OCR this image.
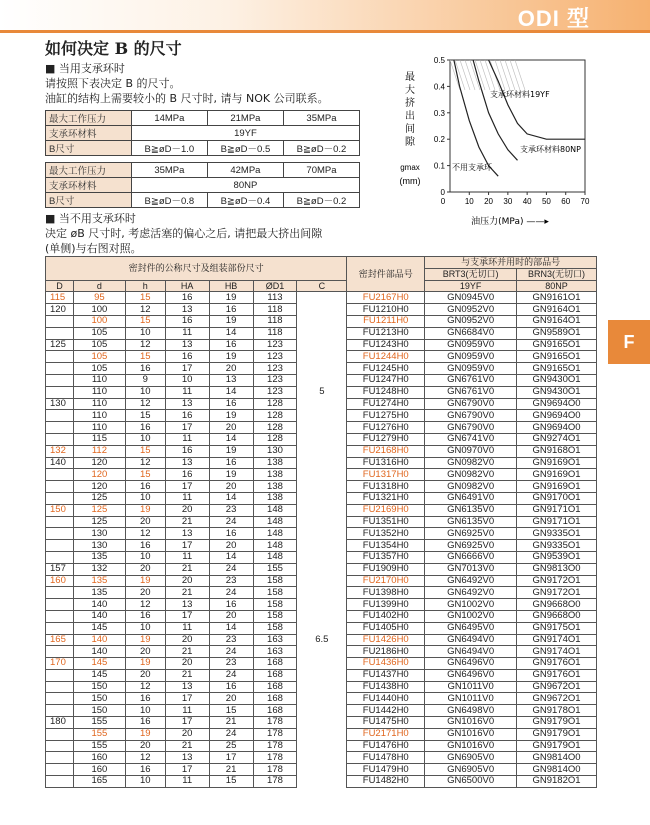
ODI 型
F
如何决定 B 的尺寸
■ 当用支承环时
请按照下表决定 B 的尺寸。
油缸的结构上需要较小的 B 尺寸时, 请与 NOK 公司联系。
最大工作压力	14MPa	21MPa	35MPa
支承环材料	19YF		
B尺寸	B≧øD－1.0	B≧øD－0.5	B≧øD－0.2
最大工作压力	35MPa	42MPa	70MPa
支承环材料	80NP		
B尺寸	B≧øD－0.8	B≧øD－0.4	B≧øD－0.2
■ 当不用支承环时
决定 øB 尺寸时, 考虑活塞的偏心之后, 请把最大挤出间隙
(单侧)与右图对照。
0.5
0.4
0.3
0.2
0.1
0
10 20 30 40 50 60 70
0
最
大
挤
出
间
隙
gmax
(mm)
油压力(MPa) ——▸
支承环材料19YF
支承环材料80NP
不用支承环
密封件的公称尺寸及组装部份尺寸							密封件部品号	与支承环并用时的部品号	
								BRT3(无切口)	BRN3(无切口)
D	d	h	HA	HB	ØD1	C		19YF	80NP
115	95	15	16	19	113		FU2167H0	GN0945V0	GN9161O1
120	100	12	13	16	118		FU1210H0	GN0952V0	GN9164O1
	100	15	16	19	118		FU1211H0	GN0952V0	GN9164O1
	105	10	11	14	118		FU1213H0	GN6684V0	GN9589O1
125	105	12	13	16	123		FU1243H0	GN0959V0	GN9165O1
	105	15	16	19	123		FU1244H0	GN0959V0	GN9165O1
	105	16	17	20	123		FU1245H0	GN0959V0	GN9165O1
	110	9	10	13	123		FU1247H0	GN6761V0	GN9430O1
	110	10	11	14	123	5	FU1248H0	GN6761V0	GN9430O1
130	110	12	13	16	128		FU1274H0	GN6790V0	GN9694O0
	110	15	16	19	128		FU1275H0	GN6790V0	GN9694O0
	110	16	17	20	128		FU1276H0	GN6790V0	GN9694O0
	115	10	11	14	128		FU1279H0	GN6741V0	GN9274O1
132	112	15	16	19	130		FU2168H0	GN0970V0	GN9168O1
140	120	12	13	16	138		FU1316H0	GN0982V0	GN9169O1
	120	15	16	19	138		FU1317H0	GN0982V0	GN9169O1
	120	16	17	20	138		FU1318H0	GN0982V0	GN9169O1
	125	10	11	14	138		FU1321H0	GN6491V0	GN9170O1
150	125	19	20	23	148		FU2169H0	GN6135V0	GN9171O1
	125	20	21	24	148		FU1351H0	GN6135V0	GN9171O1
	130	12	13	16	148		FU1352H0	GN6925V0	GN9335O1
	130	16	17	20	148		FU1354H0	GN6925V0	GN9335O1
	135	10	11	14	148		FU1357H0	GN6666V0	GN9539O1
157	132	20	21	24	155		FU1909H0	GN7013V0	GN9813O0
160	135	19	20	23	158		FU2170H0	GN6492V0	GN9172O1
	135	20	21	24	158		FU1398H0	GN6492V0	GN9172O1
	140	12	13	16	158		FU1399H0	GN1002V0	GN9668O0
	140	16	17	20	158		FU1402H0	GN1002V0	GN9668O0
	145	10	11	14	158		FU1405H0	GN6495V0	GN9175O1
165	140	19	20	23	163	6.5	FU1426H0	GN6494V0	GN9174O1
	140	20	21	24	163		FU2186H0	GN6494V0	GN9174O1
170	145	19	20	23	168		FU1436H0	GN6496V0	GN9176O1
	145	20	21	24	168		FU1437H0	GN6496V0	GN9176O1
	150	12	13	16	168		FU1438H0	GN1011V0	GN9672O1
	150	16	17	20	168		FU1440H0	GN1011V0	GN9672O1
	150	10	11	15	168		FU1442H0	GN6498V0	GN9178O1
180	155	16	17	21	178		FU1475H0	GN1016V0	GN9179O1
	155	19	20	24	178		FU2171H0	GN1016V0	GN9179O1
	155	20	21	25	178		FU1476H0	GN1016V0	GN9179O1
	160	12	13	17	178		FU1478H0	GN6905V0	GN9814O0
	160	16	17	21	178		FU1479H0	GN6905V0	GN9814O0
	165	10	11	15	178		FU1482H0	GN6500V0	GN9182O1
